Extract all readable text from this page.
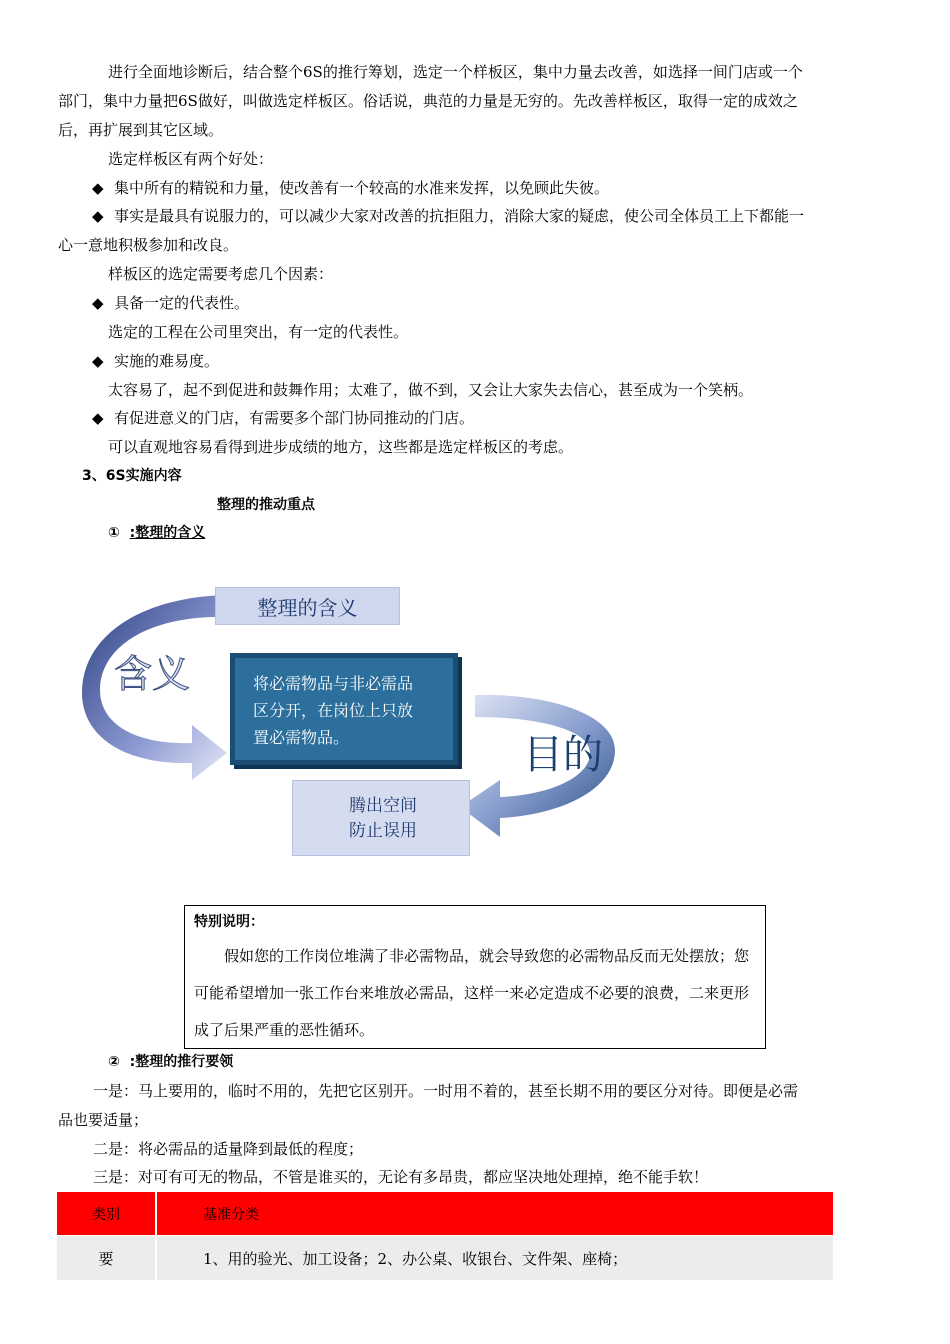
进行全面地诊断后，结合整个6S的推行筹划，选定一个样板区，集中力量去改善，如选择一间门店或一个
部门，集中力量把6S做好，叫做选定样板区。俗话说，典范的力量是无穷的。先改善样板区，取得一定的成效之
后，再扩展到其它区域。
选定样板区有两个好处：
◆ 集中所有的精锐和力量，使改善有一个较高的水准来发挥，以免顾此失彼。
◆ 事实是最具有说服力的，可以减少大家对改善的抗拒阻力，消除大家的疑虑，使公司全体员工上下都能一
心一意地积极参加和改良。
样板区的选定需要考虑几个因素：
◆ 具备一定的代表性。
选定的工程在公司里突出，有一定的代表性。
◆ 实施的难易度。
太容易了，起不到促进和鼓舞作用；太难了，做不到，又会让大家失去信心，甚至成为一个笑柄。
◆ 有促进意义的门店，有需要多个部门协同推动的门店。
可以直观地容易看得到进步成绩的地方，这些都是选定样板区的考虑。
3、6S实施内容
整理的推动重点
① :整理的含义
含义
目的
整理的含义
将必需物品与非必需品
区分开，在岗位上只放
置必需物品。
腾出空间
防止误用
特别说明：
假如您的工作岗位堆满了非必需物品，就会导致您的必需物品反而无处摆放；您可能希望增加一张工作台来堆放必需品，这样一来必定造成不必要的浪费，二来更形成了后果严重的恶性循环。
② :整理的推行要领
一是：马上要用的，临时不用的，先把它区别开。一时用不着的，甚至长期不用的要区分对待。即便是必需
品也要适量；
二是：将必需品的适量降到最低的程度；
三是：对可有可无的物品，不管是谁买的，无论有多昂贵，都应坚决地处理掉，绝不能手软！
类别	基准分类
要	1、用的验光、加工设备；2、办公桌、收银台、文件架、座椅；
